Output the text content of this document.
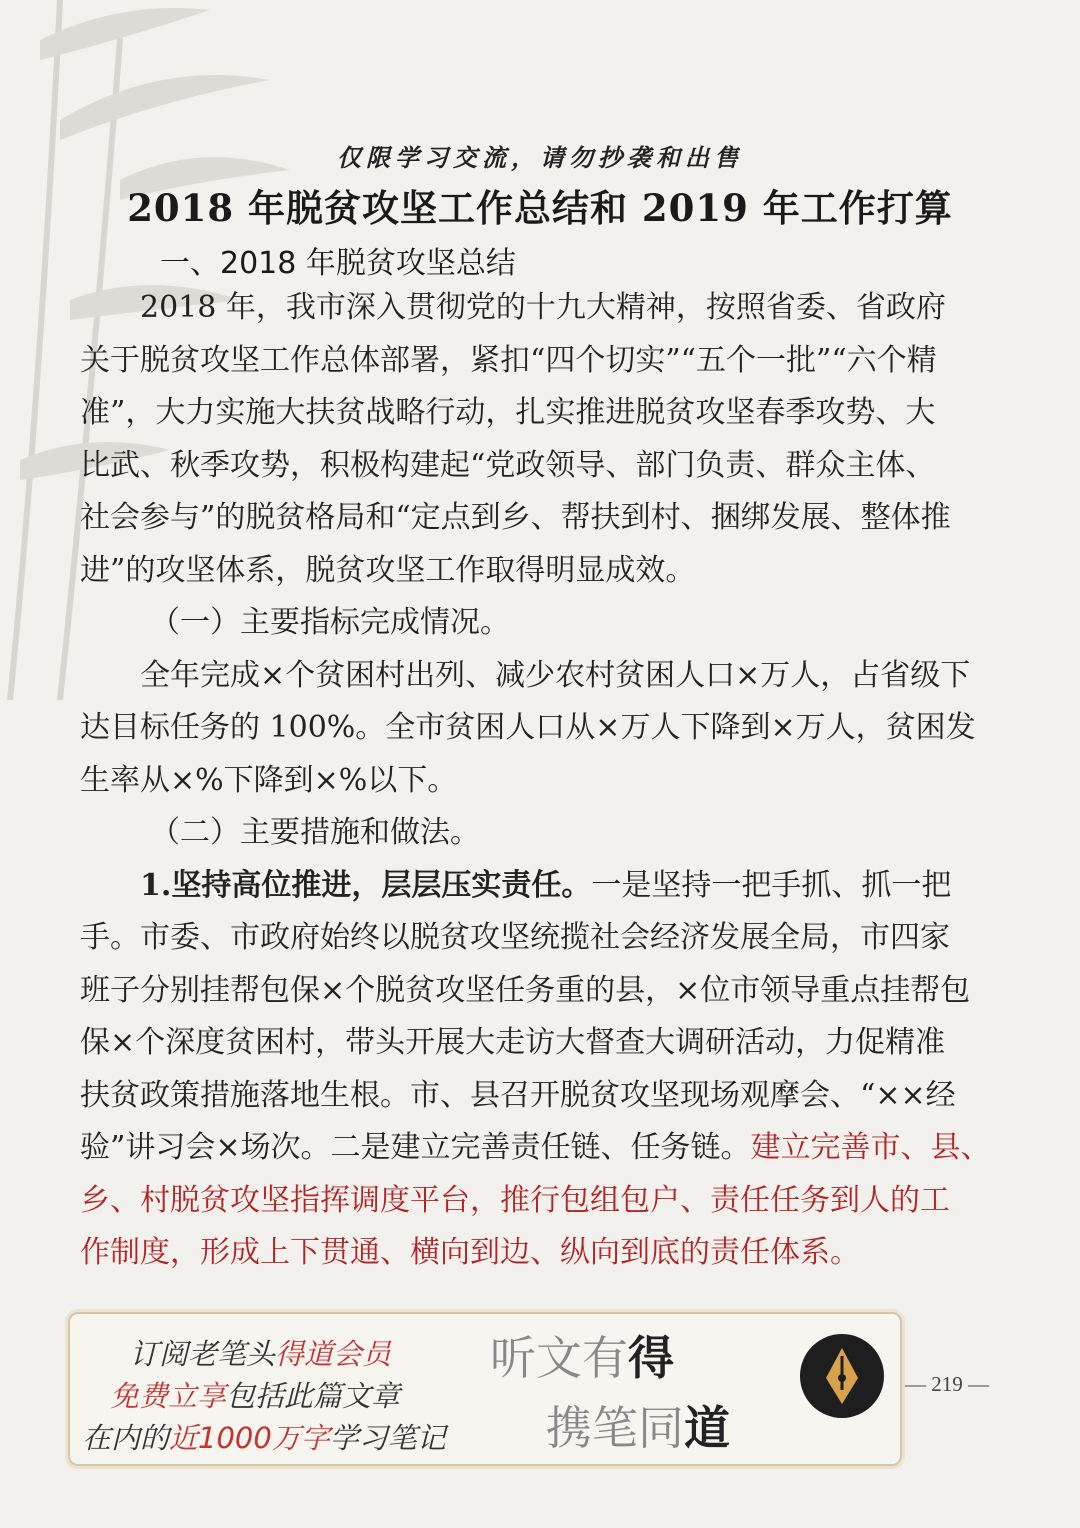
仅限学习交流，请勿抄袭和出售
2018 年脱贫攻坚工作总结和 2019 年工作打算
一、2018 年脱贫攻坚总结
2018 年，我市深入贯彻党的十九大精神，按照省委、省政府
关于脱贫攻坚工作总体部署，紧扣“四个切实”“五个一批”“六个精
准”，大力实施大扶贫战略行动，扎实推进脱贫攻坚春季攻势、大
比武、秋季攻势，积极构建起“党政领导、部门负责、群众主体、
社会参与”的脱贫格局和“定点到乡、帮扶到村、捆绑发展、整体推
进”的攻坚体系，脱贫攻坚工作取得明显成效。
（一）主要指标完成情况。
全年完成×个贫困村出列、减少农村贫困人口×万人，占省级下
达目标任务的 100%。全市贫困人口从×万人下降到×万人，贫困发
生率从×%下降到×%以下。
（二）主要措施和做法。
1.坚持高位推进，层层压实责任。 一是坚持一把手抓、抓一把
手。市委、市政府始终以脱贫攻坚统揽社会经济发展全局，市四家
班子分别挂帮包保×个脱贫攻坚任务重的县，×位市领导重点挂帮包
保×个深度贫困村，带头开展大走访大督查大调研活动，力促精准
扶贫政策措施落地生根。市、县召开脱贫攻坚现场观摩会、“××经
验”讲习会×场次。二是建立完善责任链、任务链。 建立完善市、县、
乡、村脱贫攻坚指挥调度平台，推行包组包户、责任任务到人的工
作制度，形成上下贯通、横向到边、纵向到底的责任体系。
订阅老笔头得道会员
免费立享包括此篇文章
在内的近1000万字学习笔记
听文有得
携笔同道
— 219 —
